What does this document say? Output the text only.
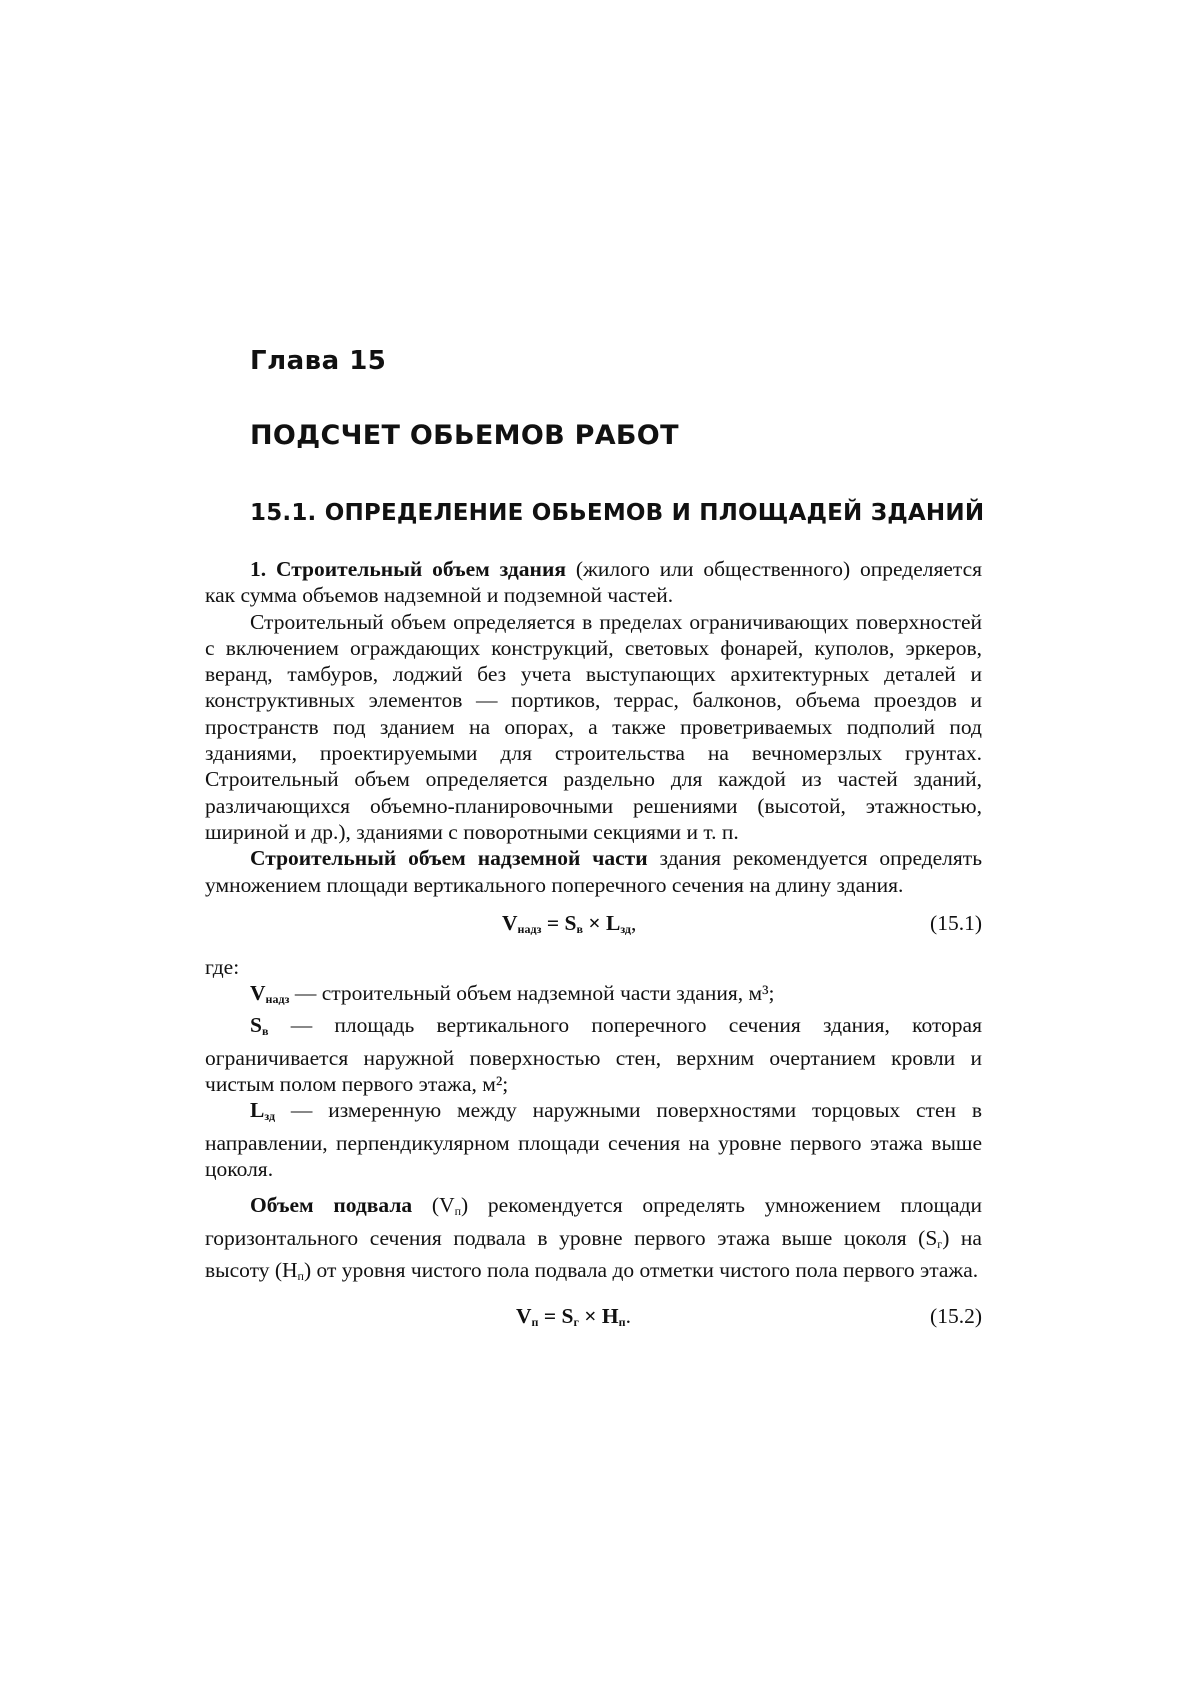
Глава 15
ПОДСЧЕТ ОБЬЕМОВ РАБОТ
15.1. ОПРЕДЕЛЕНИЕ ОБЬЕМОВ И ПЛОЩАДЕЙ ЗДАНИЙ

1. Строительный объем здания (жилого или общественного) определяется как сумма объемов надземной и подземной частей.

Строительный объем определяется в пределах ограничивающих поверхностей с включением ограждающих конструкций, световых фонарей, куполов, эркеров, веранд, тамбуров, лоджий без учета выступающих архитектурных деталей и конструктивных элементов — портиков, террас, балконов, объема проездов и пространств под зданием на опорах, а также проветриваемых подполий под зданиями, проектируемыми для строительства на вечномерзлых грунтах. Строительный объем определяется раздельно для каждой из частей зданий, различающихся объемно-планировочными решениями (высотой, этажностью, шириной и др.), зданиями с поворотными секциями и т. п.

Строительный объем надземной части здания рекомендуется определять умножением площади вертикального поперечного сечения на длину здания.

$V_{надз} = S_в \times L_{зд}$,	(15.1)

где:

$V_{надз}$ — строительный объем надземной части здания, м³;

$S_в$ — площадь вертикального поперечного сечения здания, которая ограничивается наружной поверхностью стен, верхним очертанием кровли и чистым полом первого этажа, м²;

$L_{зд}$ — измеренную между наружными поверхностями торцовых стен в направлении, перпендикулярном площади сечения на уровне первого этажа выше цоколя.

Объем подвала $(V_п)$ рекомендуется определять умножением площади горизонтального сечения подвала в уровне первого этажа выше цоколя $(S_г)$ на высоту $(H_п)$ от уровня чистого пола подвала до отметки чистого пола первого этажа.

$V_п = S_г \times H_п$.	(15.2)
